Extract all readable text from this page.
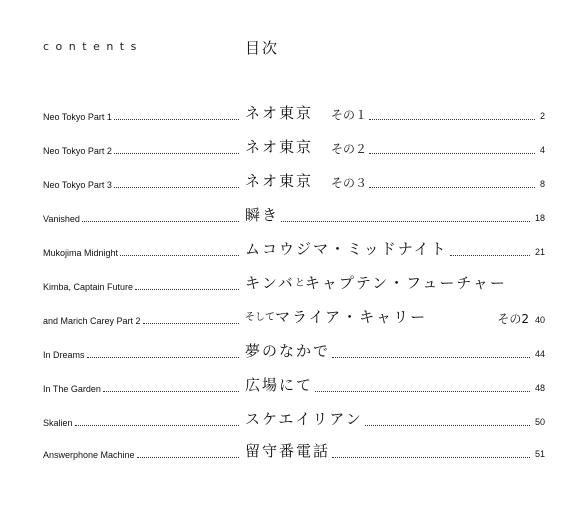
contents	目次
Neo Tokyo Part 1	ネオ東京 その１	2
Neo Tokyo Part 2	ネオ東京 その２	4
Neo Tokyo Part 3	ネオ東京 その３	8
Vanished	瞬き	18
Mukojima Midnight	ムコウジマ・ミッドナイト	21
Kimba, Captain Future	キンバ と キャプテン・フューチャー
and Marich Carey Part 2	そして マライア・キャリー	その2 40
In Dreams	夢のなかで	44
In The Garden	広場にて	48
Skalien	スケエイリアン	50
Answerphone Machine	留守番電話	51
